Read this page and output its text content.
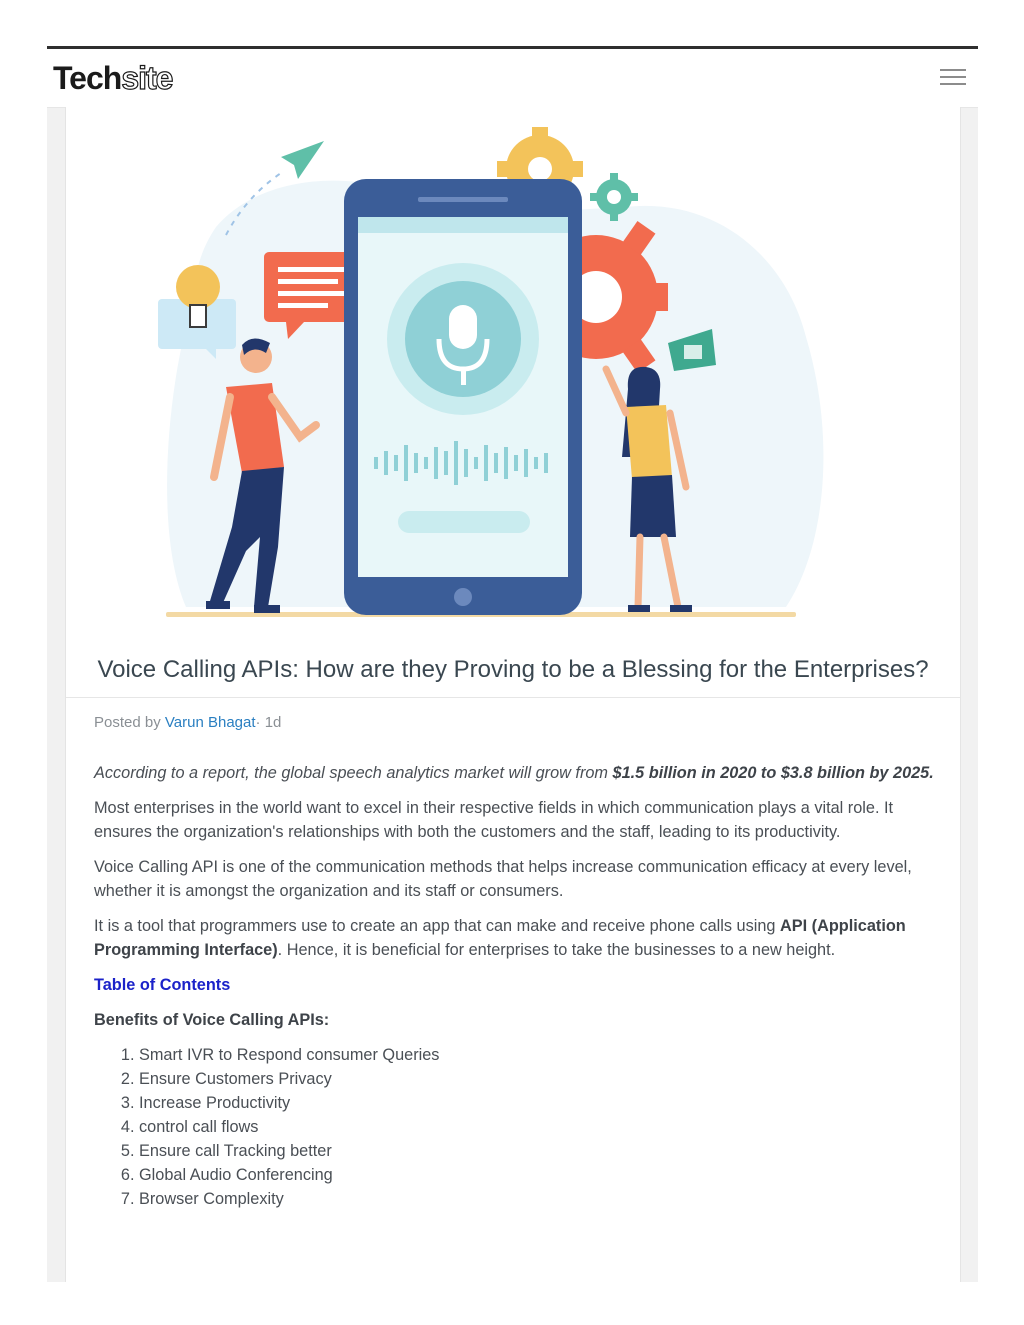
Techsite
Voice Calling APIs: How are they Proving to be a Blessing for the Enterprises?
Posted by Varun Bhagat· 1d

According to a report, the global speech analytics market will grow from $1.5 billion in 2020 to $3.8 billion by 2025.

Most enterprises in the world want to excel in their respective fields in which communication plays a vital role. It ensures the organization's relationships with both the customers and the staff, leading to its productivity.

Voice Calling API is one of the communication methods that helps increase communication efficacy at every level, whether it is amongst the organization and its staff or consumers.

It is a tool that programmers use to create an app that can make and receive phone calls using API (Application Programming Interface). Hence, it is beneficial for enterprises to take the businesses to a new height.

Table of Contents

Benefits of Voice Calling APIs:

1. Smart IVR to Respond consumer Queries
2. Ensure Customers Privacy
3. Increase Productivity
4. control call flows
5. Ensure call Tracking better
6. Global Audio Conferencing
7. Browser Complexity
